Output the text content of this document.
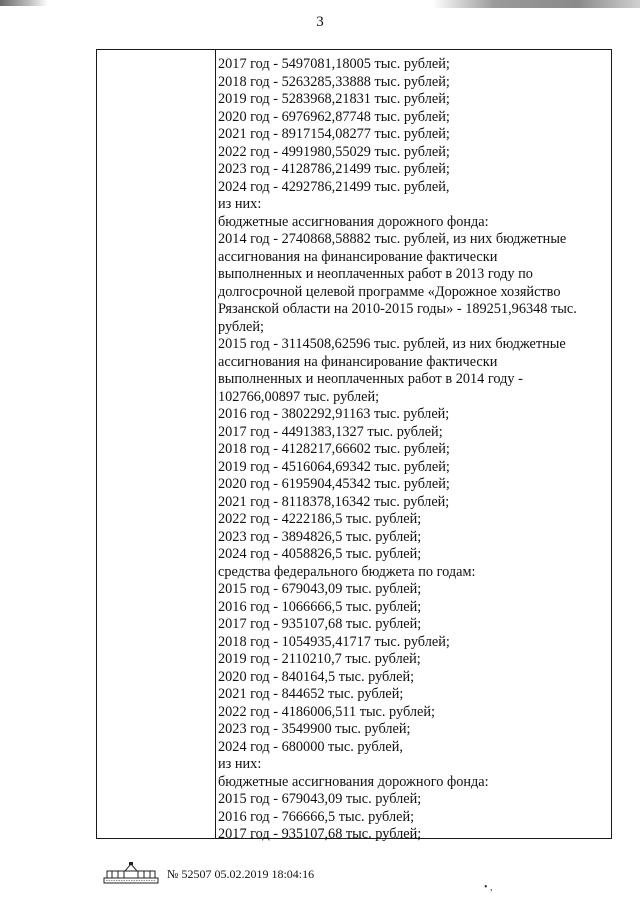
3
2017 год - 5497081,18005 тыс. рублей;
2018 год - 5263285,33888 тыс. рублей;
2019 год - 5283968,21831 тыс. рублей;
2020 год - 6976962,87748 тыс. рублей;
2021 год - 8917154,08277 тыс. рублей;
2022 год - 4991980,55029 тыс. рублей;
2023 год - 4128786,21499 тыс. рублей;
2024 год - 4292786,21499 тыс. рублей,
из них:
бюджетные ассигнования дорожного фонда:
2014 год - 2740868,58882 тыс. рублей, из них бюджетные
ассигнования на финансирование фактически
выполненных и неоплаченных работ в 2013 году по
долгосрочной целевой программе «Дорожное хозяйство
Рязанской области на 2010-2015 годы» - 189251,96348 тыс.
рублей;
2015 год - 3114508,62596 тыс. рублей, из них бюджетные
ассигнования на финансирование фактически
выполненных и неоплаченных работ в 2014 году -
102766,00897 тыс. рублей;
2016 год - 3802292,91163 тыс. рублей;
2017 год - 4491383,1327 тыс. рублей;
2018 год - 4128217,66602 тыс. рублей;
2019 год - 4516064,69342 тыс. рублей;
2020 год - 6195904,45342 тыс. рублей;
2021 год - 8118378,16342 тыс. рублей;
2022 год - 4222186,5 тыс. рублей;
2023 год - 3894826,5 тыс. рублей;
2024 год - 4058826,5 тыс. рублей;
средства федерального бюджета по годам:
2015 год - 679043,09 тыс. рублей;
2016 год - 1066666,5 тыс. рублей;
2017 год - 935107,68 тыс. рублей;
2018 год - 1054935,41717 тыс. рублей;
2019 год - 2110210,7 тыс. рублей;
2020 год - 840164,5 тыс. рублей;
2021 год - 844652 тыс. рублей;
2022 год - 4186006,511 тыс. рублей;
2023 год - 3549900 тыс. рублей;
2024 год - 680000 тыс. рублей,
из них:
бюджетные ассигнования дорожного фонда:
2015 год - 679043,09 тыс. рублей;
2016 год - 766666,5 тыс. рублей;
2017 год - 935107,68 тыс. рублей;
№ 52507 05.02.2019 18:04:16
• ,
